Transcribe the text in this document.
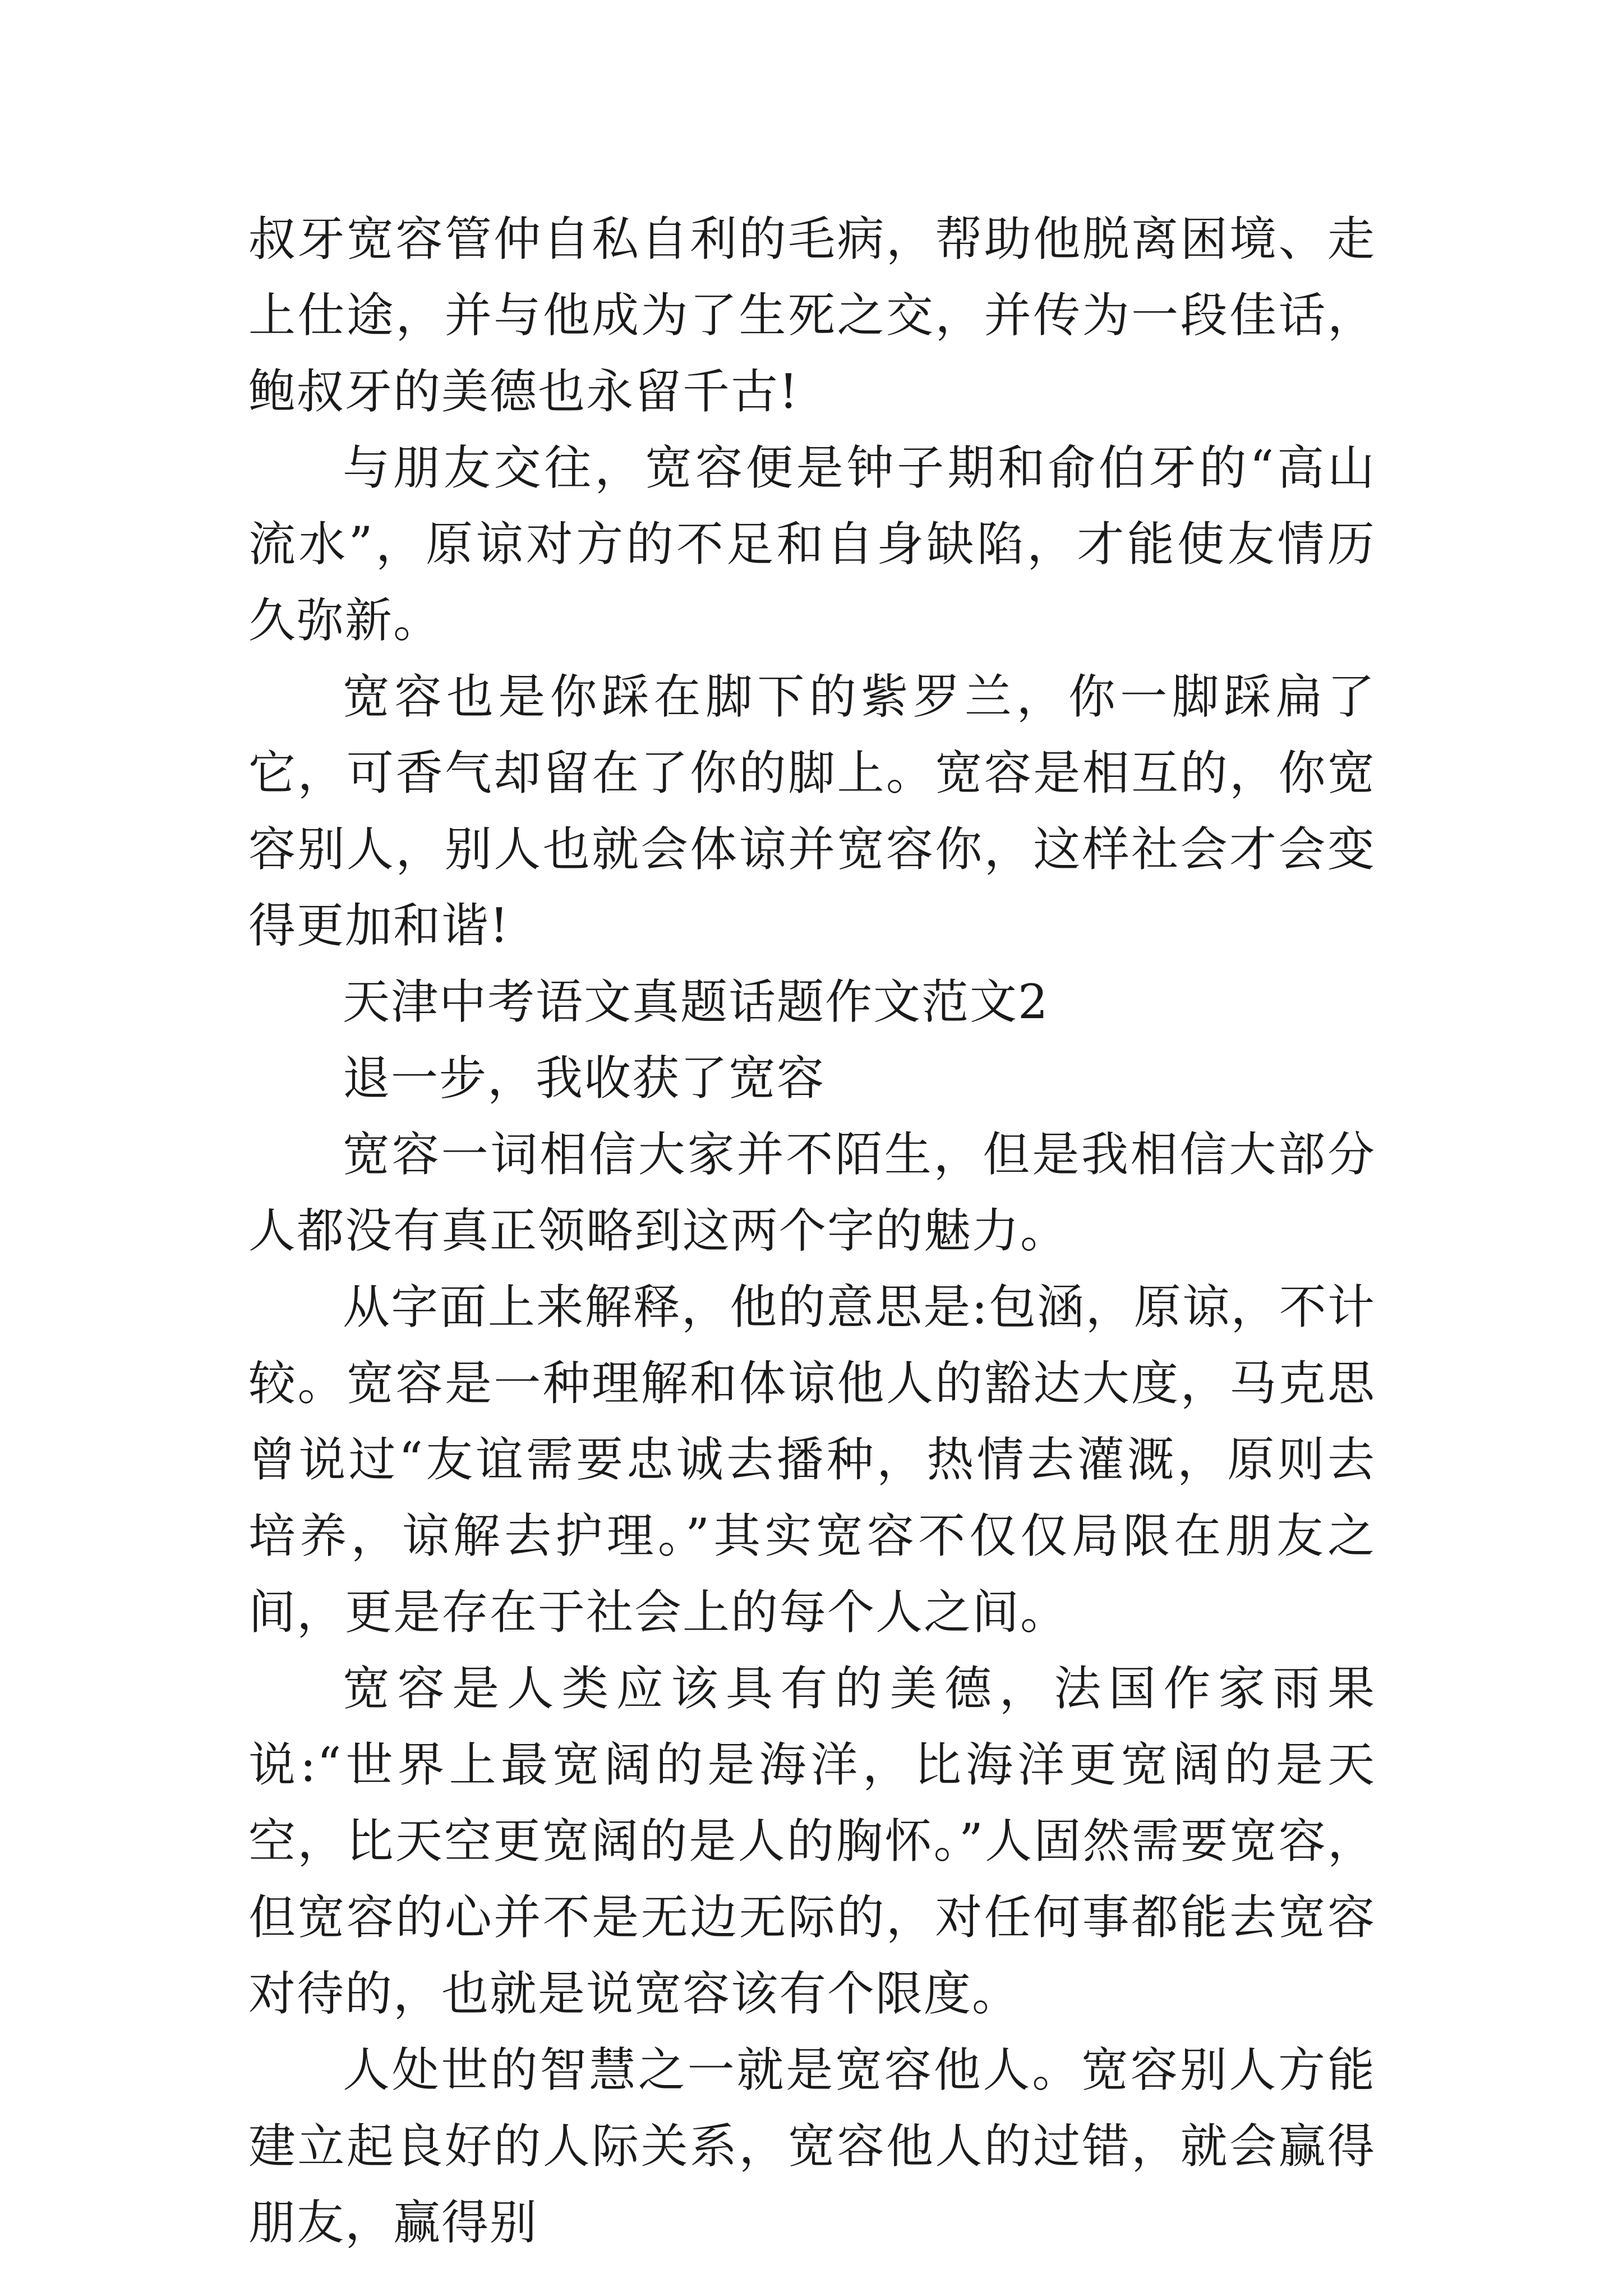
叔牙宽容管仲自私自利的毛病，帮助他脱离困境、走上仕途，并与他成为了生死之交，并传为一段佳话，鲍叔牙的美德也永留千古!

与朋友交往，宽容便是钟子期和俞伯牙的“高山流水”，原谅对方的不足和自身缺陷，才能使友情历久弥新。

宽容也是你踩在脚下的紫罗兰，你一脚踩扁了它，可香气却留在了你的脚上。宽容是相互的，你宽容别人，别人也就会体谅并宽容你，这样社会才会变得更加和谐!

天津中考语文真题话题作文范文2

退一步，我收获了宽容

宽容一词相信大家并不陌生，但是我相信大部分人都没有真正领略到这两个字的魅力。

从字面上来解释，他的意思是:包涵，原谅，不计较。宽容是一种理解和体谅他人的豁达大度，马克思曾说过“友谊需要忠诚去播种，热情去灌溉，原则去培养，谅解去护理。”其实宽容不仅仅局限在朋友之间，更是存在于社会上的每个人之间。

宽容是人类应该具有的美德，法国作家雨果说:“世界上最宽阔的是海洋，比海洋更宽阔的是天空，比天空更宽阔的是人的胸怀。”人固然需要宽容，但宽容的心并不是无边无际的，对任何事都能去宽容对待的，也就是说宽容该有个限度。

人处世的智慧之一就是宽容他人。宽容别人方能建立起良好的人际关系，宽容他人的过错，就会赢得朋友，赢得别
